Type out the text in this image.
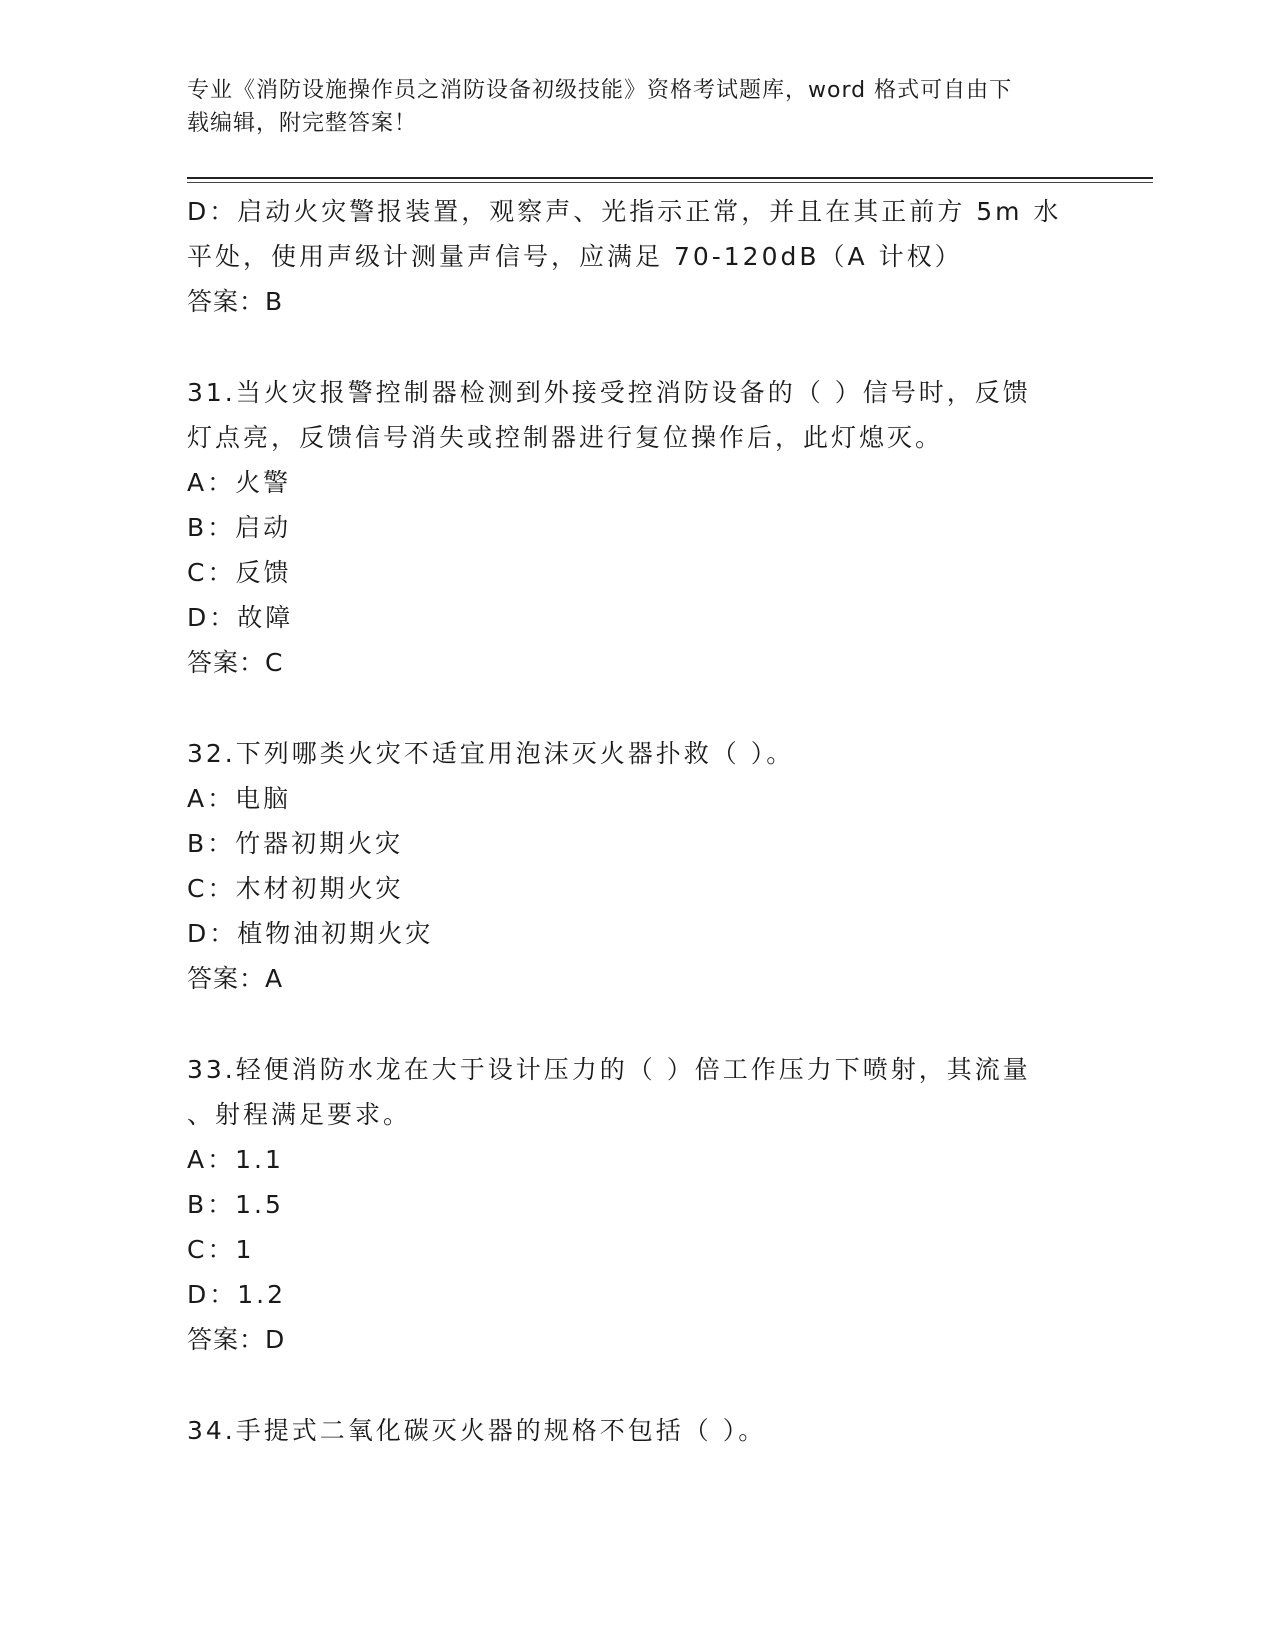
专业《消防设施操作员之消防设备初级技能》资格考试题库，word 格式可自由下
载编辑，附完整答案！
D：启动火灾警报装置，观察声、光指示正常，并且在其正前方 5m 水
平处，使用声级计测量声信号，应满足 70-120dB（A 计权）
答案：B
31.当火灾报警控制器检测到外接受控消防设备的（ ）信号时，反馈
灯点亮，反馈信号消失或控制器进行复位操作后，此灯熄灭。
A：火警
B：启动
C：反馈
D：故障
答案：C
32.下列哪类火灾不适宜用泡沫灭火器扑救（ ）。
A：电脑
B：竹器初期火灾
C：木材初期火灾
D：植物油初期火灾
答案：A
33.轻便消防水龙在大于设计压力的（ ）倍工作压力下喷射，其流量
、射程满足要求。
A：1.1
B：1.5
C：1
D：1.2
答案：D
34.手提式二氧化碳灭火器的规格不包括（ ）。
